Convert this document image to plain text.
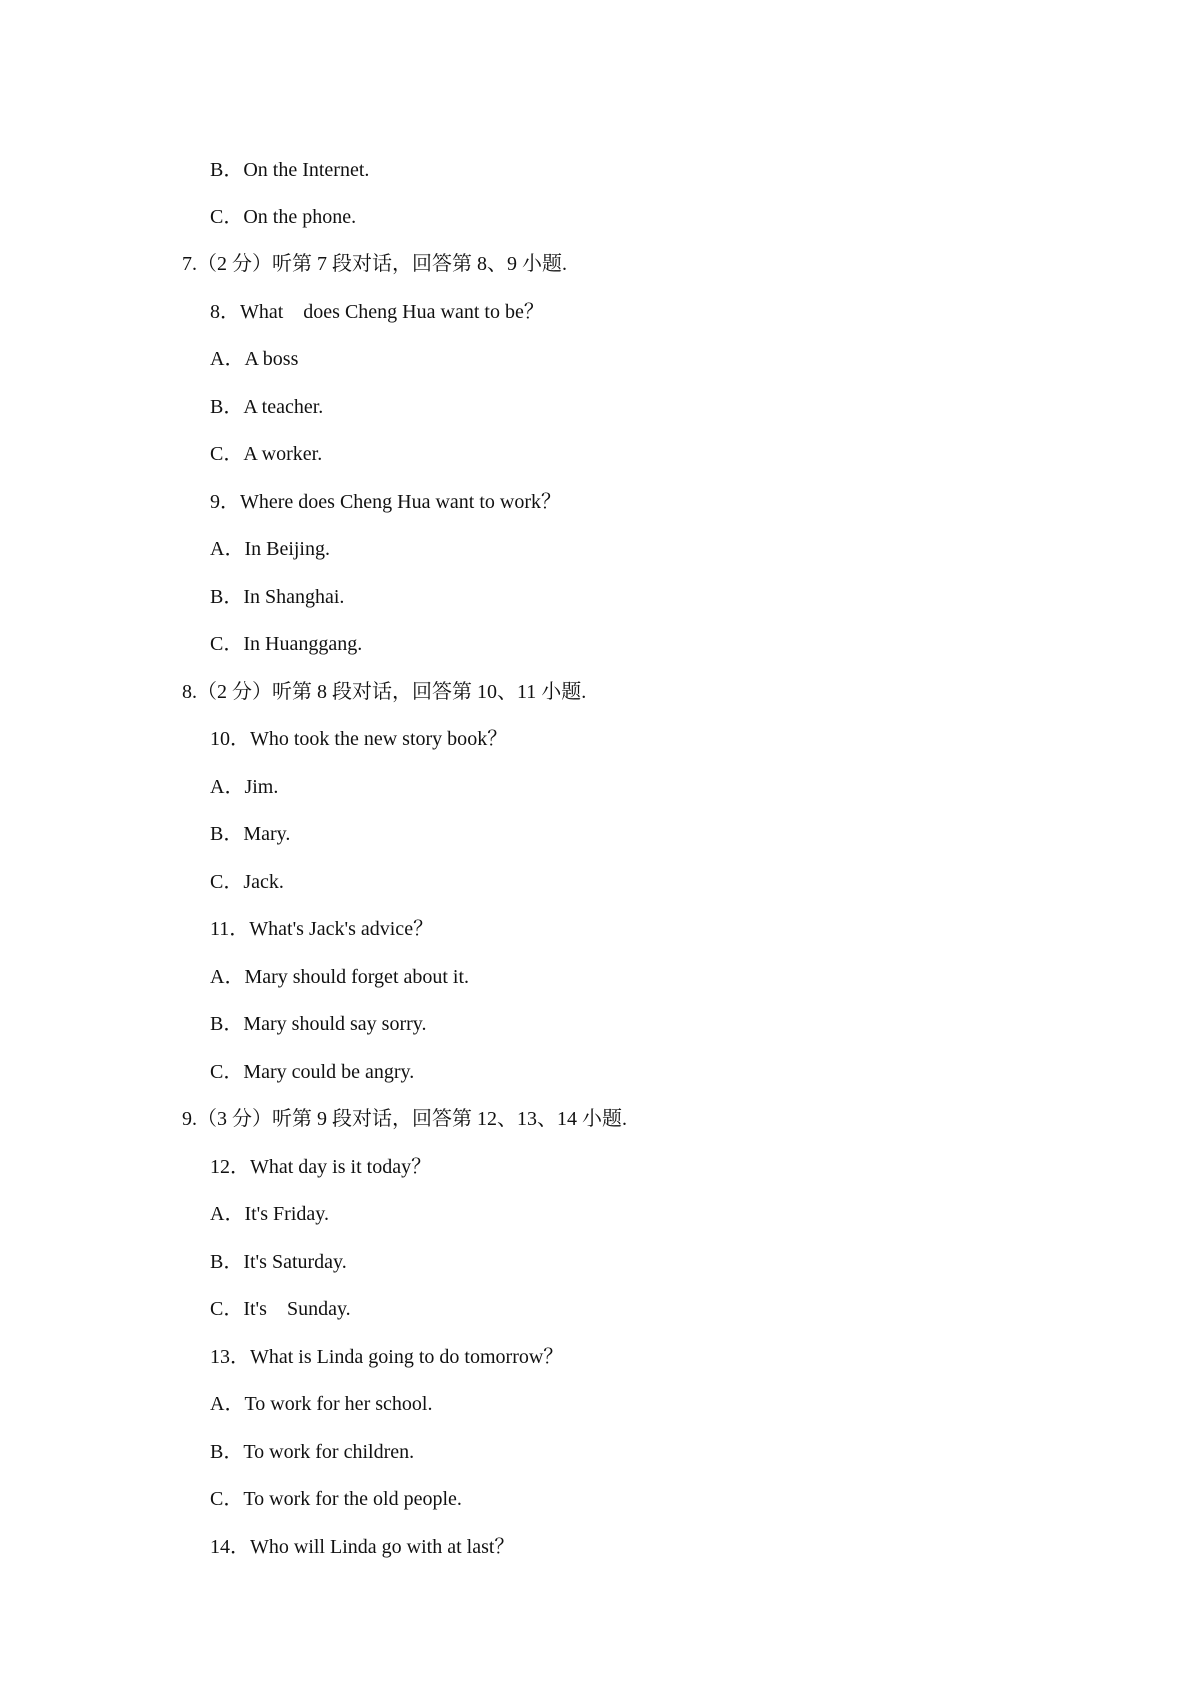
B．On the Internet.
C．On the phone.
7.（2 分）听第 7 段对话，回答第 8、9 小题.
8．What    does Cheng Hua want to be？
A．A boss
B．A teacher.
C．A worker.
9．Where does Cheng Hua want to work？
A．In Beijing.
B．In Shanghai.
C．In Huanggang.
8.（2 分）听第 8 段对话，回答第 10、11 小题.
10．Who took the new story book？
A．Jim.
B．Mary.
C．Jack.
11．What's Jack's advice？
A．Mary should forget about it.
B．Mary should say sorry.
C．Mary could be angry.
9.（3 分）听第 9 段对话，回答第 12、13、14 小题.
12．What day is it today？
A．It's Friday.
B．It's Saturday.
C．It's    Sunday.
13．What is Linda going to do tomorrow？
A．To work for her school.
B．To work for children.
C．To work for the old people.
14．Who will Linda go with at last？
